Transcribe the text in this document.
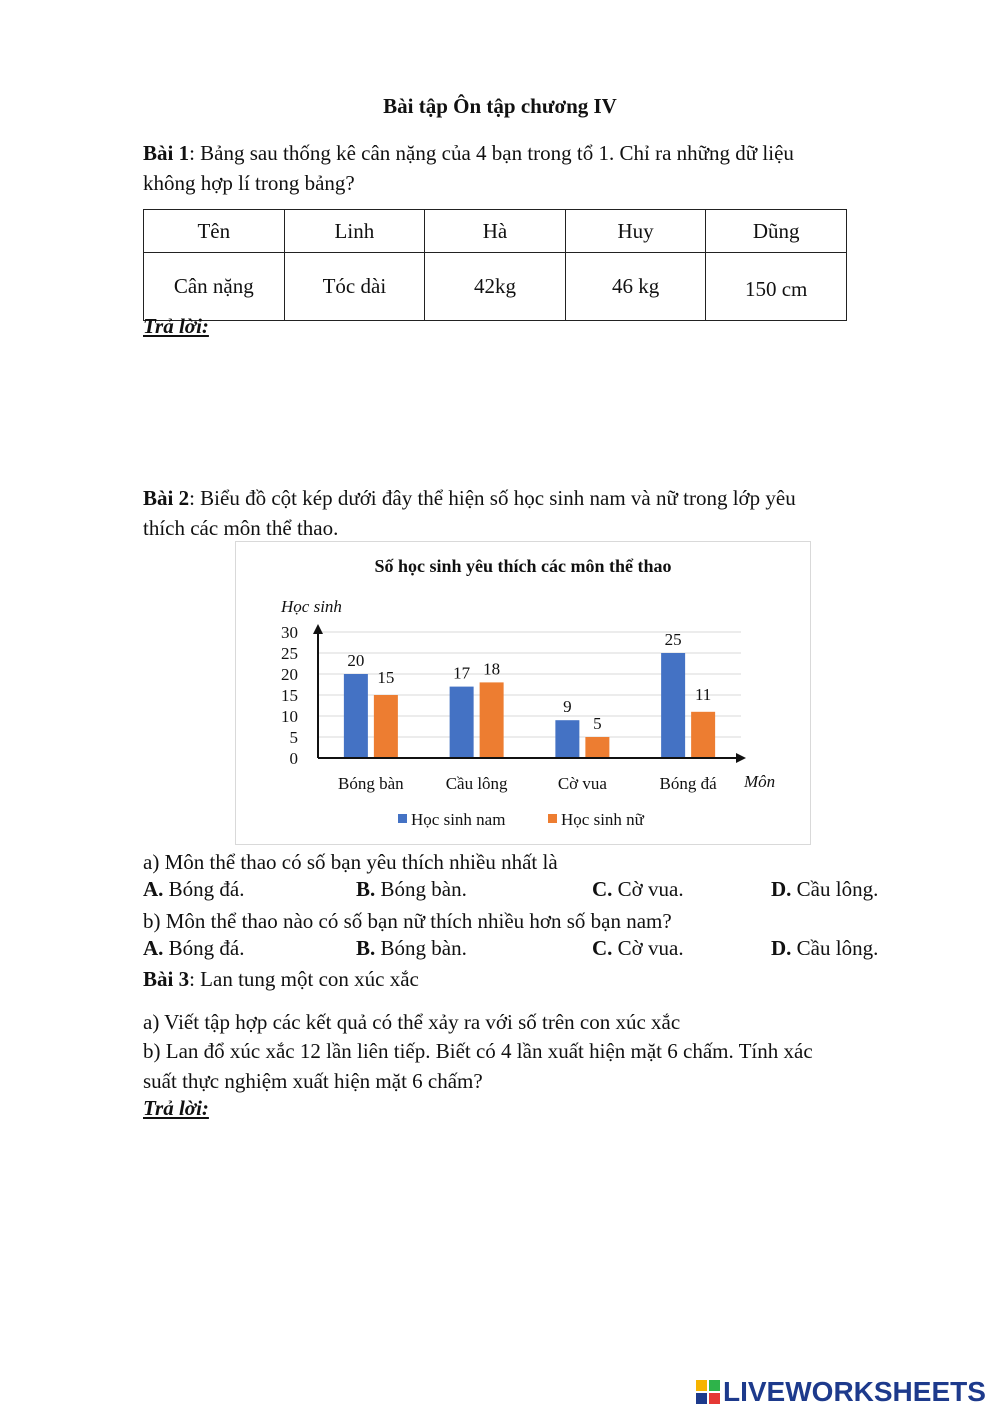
Bài tập Ôn tập chương IV
Bài 1: Bảng sau thống kê cân nặng của 4 bạn trong tổ 1. Chỉ ra những dữ liệu
không hợp lí trong bảng?
Tên	Linh	Hà	Huy	Dũng
Cân nặng	Tóc dài	42kg	46 kg	150 cm
Trả lời:
Bài 2: Biểu đồ cột kép dưới đây thể hiện số học sinh nam và nữ trong lớp yêu
thích các môn thể thao.
Số học sinh yêu thích các môn thể thao
Học sinh
0
5
10
15
20
25
30
20
15
Bóng bàn
17 18
Cầu lông
9
5
Cờ vua
25
11
Bóng đá Môn
Học sinh nam	Học sinh nữ
a) Môn thể thao có số bạn yêu thích nhiều nhất là
A. Bóng đá.	B. Bóng bàn.	C. Cờ vua.	D. Cầu lông.
b) Môn thể thao nào có số bạn nữ thích nhiều hơn số bạn nam?
A. Bóng đá.	B. Bóng bàn.	C. Cờ vua.	D. Cầu lông.
Bài 3: Lan tung một con xúc xắc
a) Viết tập hợp các kết quả có thể xảy ra với số trên con xúc xắc
b) Lan đổ xúc xắc 12 lần liên tiếp. Biết có 4 lần xuất hiện mặt 6 chấm. Tính xác
suất thực nghiệm xuất hiện mặt 6 chấm?
Trả lời:
LIVEWORKSHEETS
